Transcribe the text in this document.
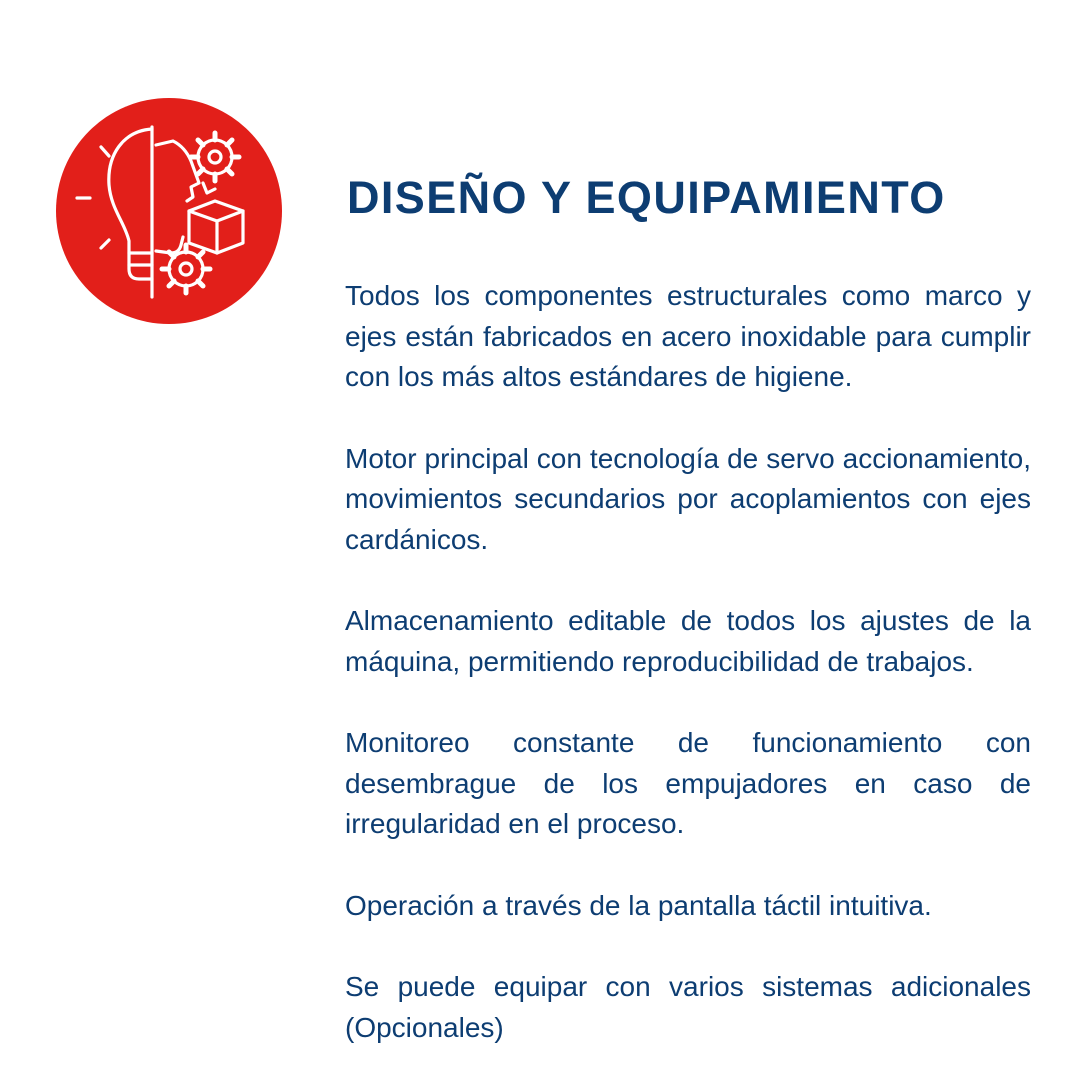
DISEÑO Y EQUIPAMIENTO

Todos los componentes estructurales como marco y ejes están fabricados en acero inoxidable para cumplir con los más altos estándares de higiene.

Motor principal con tecnología de servo accionamiento, movimientos secundarios por acoplamientos con ejes cardánicos.

Almacenamiento editable de todos los ajustes de la máquina, permitiendo reproducibilidad de trabajos.

Monitoreo constante de funcionamiento con desembrague de los empujadores en caso de irregularidad en el proceso.

Operación a través de la pantalla táctil intuitiva.

Se puede equipar con varios sistemas adicionales (Opcionales)
